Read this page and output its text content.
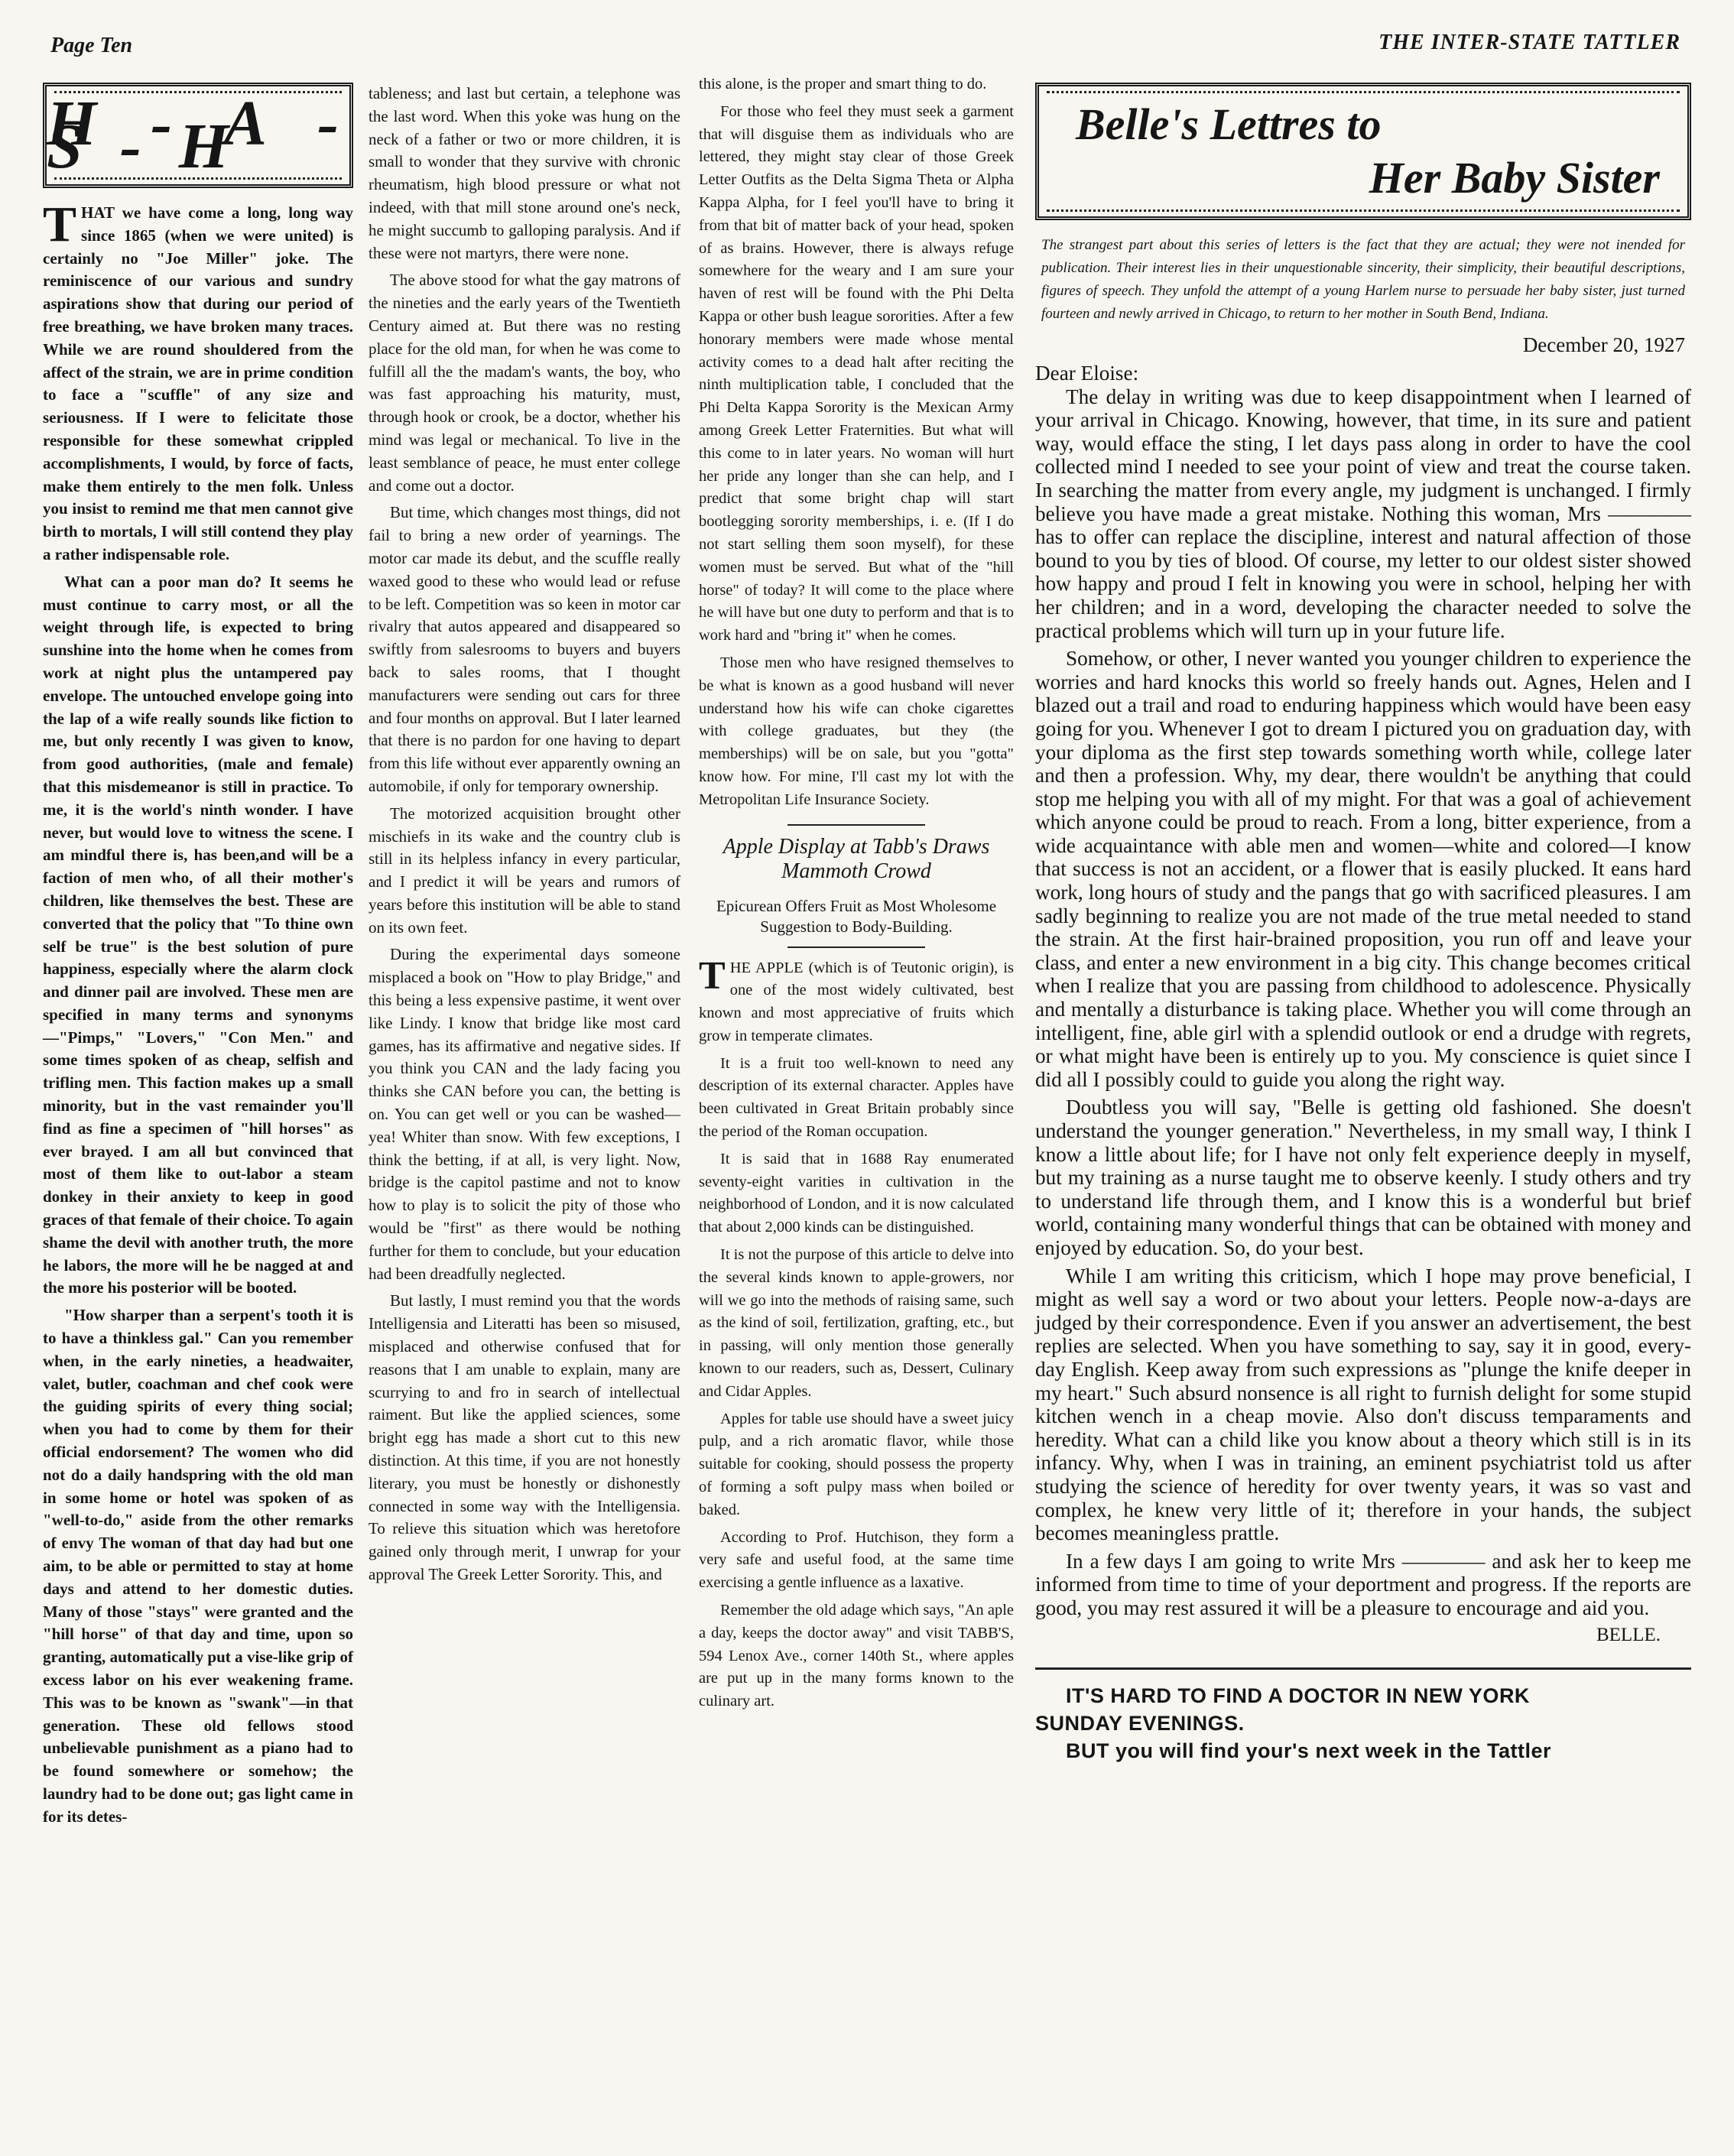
Page Ten	THE INTER-STATE TATTLER
H - A - S - H

THAT we have come a long, long way since 1865 (when we were united) is certainly no "Joe Miller" joke. The reminiscence of our various and sundry aspirations show that during our period of free breathing, we have broken many traces. While we are round shouldered from the affect of the strain, we are in prime condition to face a "scuffle" of any size and seriousness. If I were to felicitate those responsible for these somewhat crippled accomplishments, I would, by force of facts, make them entirely to the men folk. Unless you insist to remind me that men cannot give birth to mortals, I will still contend they play a rather indispensable role.

What can a poor man do? It seems he must continue to carry most, or all the weight through life, is expected to bring sunshine into the home when he comes from work at night plus the untampered pay envelope. The untouched envelope going into the lap of a wife really sounds like fiction to me, but only recently I was given to know, from good authorities, (male and female) that this misdemeanor is still in practice. To me, it is the world's ninth wonder. I have never, but would love to witness the scene. I am mindful there is, has been,and will be a faction of men who, of all their mother's children, like themselves the best. These are converted that the policy that "To thine own self be true" is the best solution of pure happiness, especially where the alarm clock and dinner pail are involved. These men are specified in many terms and synonyms—"Pimps," "Lovers," "Con Men." and some times spoken of as cheap, selfish and trifling men. This faction makes up a small minority, but in the vast remainder you'll find as fine a specimen of "hill horses" as ever brayed. I am all but convinced that most of them like to out-labor a steam donkey in their anxiety to keep in good graces of that female of their choice. To again shame the devil with another truth, the more he labors, the more will he be nagged at and the more his posterior will be booted.

"How sharper than a serpent's tooth it is to have a thinkless gal." Can you remember when, in the early nineties, a headwaiter, valet, butler, coachman and chef cook were the guiding spirits of every thing social; when you had to come by them for their official endorsement? The women who did not do a daily handspring with the old man in some home or hotel was spoken of as "well-to-do," aside from the other remarks of envy The woman of that day had but one aim, to be able or permitted to stay at home days and attend to her domestic duties. Many of those "stays" were granted and the "hill horse" of that day and time, upon so granting, automatically put a vise-like grip of excess labor on his ever weakening frame. This was to be known as "swank"—in that generation. These old fellows stood unbelievable punishment as a piano had to be found somewhere or somehow; the laundry had to be done out; gas light came in for its detes-

tableness; and last but certain, a telephone was the last word. When this yoke was hung on the neck of a father or two or more children, it is small to wonder that they survive with chronic rheumatism, high blood pressure or what not indeed, with that mill stone around one's neck, he might succumb to galloping paralysis. And if these were not martyrs, there were none.

The above stood for what the gay matrons of the nineties and the early years of the Twentieth Century aimed at. But there was no resting place for the old man, for when he was come to fulfill all the the madam's wants, the boy, who was fast approaching his maturity, must, through hook or crook, be a doctor, whether his mind was legal or mechanical. To live in the least semblance of peace, he must enter college and come out a doctor.

But time, which changes most things, did not fail to bring a new order of yearnings. The motor car made its debut, and the scuffle really waxed good to these who would lead or refuse to be left. Competition was so keen in motor car rivalry that autos appeared and disappeared so swiftly from salesrooms to buyers and buyers back to sales rooms, that I thought manufacturers were sending out cars for three and four months on approval. But I later learned that there is no pardon for one having to depart from this life without ever apparently owning an automobile, if only for temporary ownership.

The motorized acquisition brought other mischiefs in its wake and the country club is still in its helpless infancy in every particular, and I predict it will be years and rumors of years before this institution will be able to stand on its own feet.

During the experimental days someone misplaced a book on "How to play Bridge," and this being a less expensive pastime, it went over like Lindy. I know that bridge like most card games, has its affirmative and negative sides. If you think you CAN and the lady facing you thinks she CAN before you can, the betting is on. You can get well or you can be washed—yea! Whiter than snow. With few exceptions, I think the betting, if at all, is very light. Now, bridge is the capitol pastime and not to know how to play is to solicit the pity of those who would be "first" as there would be nothing further for them to conclude, but your education had been dreadfully neglected.

But lastly, I must remind you that the words Intelligensia and Literatti has been so misused, misplaced and otherwise confused that for reasons that I am unable to explain, many are scurrying to and fro in search of intellectual raiment. But like the applied sciences, some bright egg has made a short cut to this new distinction. At this time, if you are not honestly literary, you must be honestly or dishonestly connected in some way with the Intelligensia. To relieve this situation which was heretofore gained only through merit, I unwrap for your approval The Greek Letter Sorority. This, and

this alone, is the proper and smart thing to do.

For those who feel they must seek a garment that will disguise them as individuals who are lettered, they might stay clear of those Greek Letter Outfits as the Delta Sigma Theta or Alpha Kappa Alpha, for I feel you'll have to bring it from that bit of matter back of your head, spoken of as brains. However, there is always refuge somewhere for the weary and I am sure your haven of rest will be found with the Phi Delta Kappa or other bush league sororities. After a few honorary members were made whose mental activity comes to a dead halt after reciting the ninth multiplication table, I concluded that the Phi Delta Kappa Sorority is the Mexican Army among Greek Letter Fraternities. But what will this come to in later years. No woman will hurt her pride any longer than she can help, and I predict that some bright chap will start bootlegging sorority memberships, i. e. (If I do not start selling them soon myself), for these women must be served. But what of the "hill horse" of today? It will come to the place where he will have but one duty to perform and that is to work hard and "bring it" when he comes.

Those men who have resigned themselves to be what is known as a good husband will never understand how his wife can choke cigarettes with college graduates, but they (the memberships) will be on sale, but you "gotta" know how. For mine, I'll cast my lot with the Metropolitan Life Insurance Society.

Apple Display at Tabb's Draws Mammoth Crowd
Epicurean Offers Fruit as Most Wholesome Suggestion to Body-Building.

THE APPLE (which is of Teutonic origin), is one of the most widely cultivated, best known and most appreciative of fruits which grow in temperate climates.

It is a fruit too well-known to need any description of its external character. Apples have been cultivated in Great Britain probably since the period of the Roman occupation.

It is said that in 1688 Ray enumerated seventy-eight varities in cultivation in the neighborhood of London, and it is now calculated that about 2,000 kinds can be distinguished.

It is not the purpose of this article to delve into the several kinds known to apple-growers, nor will we go into the methods of raising same, such as the kind of soil, fertilization, grafting, etc., but in passing, will only mention those generally known to our readers, such as, Dessert, Culinary and Cidar Apples.

Apples for table use should have a sweet juicy pulp, and a rich aromatic flavor, while those suitable for cooking, should possess the property of forming a soft pulpy mass when boiled or baked.

According to Prof. Hutchison, they form a very safe and useful food, at the same time exercising a gentle influence as a laxative.

Remember the old adage which says, "An aple a day, keeps the doctor away" and visit TABB'S, 594 Lenox Ave., corner 140th St., where apples are put up in the many forms known to the culinary art.

Belle's Lettres to
Her Baby Sister
The strangest part about this series of letters is the fact that they are actual; they were not inended for publication. Their interest lies in their unquestionable sincerity, their simplicity, their beautiful descriptions, figures of speech. They unfold the attempt of a young Harlem nurse to persuade her baby sister, just turned fourteen and newly arrived in Chicago, to return to her mother in South Bend, Indiana.
December 20, 1927

Dear Eloise:

The delay in writing was due to keep disappointment when I learned of your arrival in Chicago. Knowing, however, that time, in its sure and patient way, would efface the sting, I let days pass along in order to have the cool collected mind I needed to see your point of view and treat the course taken. In searching the matter from every angle, my judgment is unchanged. I firmly believe you have made a great mistake. Nothing this woman, Mrs ———— has to offer can replace the discipline, interest and natural affection of those bound to you by ties of blood. Of course, my letter to our oldest sister showed how happy and proud I felt in knowing you were in school, helping her with her children; and in a word, developing the character needed to solve the practical problems which will turn up in your future life.

Somehow, or other, I never wanted you younger children to experience the worries and hard knocks this world so freely hands out. Agnes, Helen and I blazed out a trail and road to enduring happiness which would have been easy going for you. Whenever I got to dream I pictured you on graduation day, with your diploma as the first step towards something worth while, college later and then a profession. Why, my dear, there wouldn't be anything that could stop me helping you with all of my might. For that was a goal of achievement which anyone could be proud to reach. From a long, bitter experience, from a wide acquaintance with able men and women—white and colored—I know that success is not an accident, or a flower that is easily plucked. It eans hard work, long hours of study and the pangs that go with sacrificed pleasures. I am sadly beginning to realize you are not made of the true metal needed to stand the strain. At the first hair-brained proposition, you run off and leave your class, and enter a new environment in a big city. This change becomes critical when I realize that you are passing from childhood to adolescence. Physically and mentally a disturbance is taking place. Whether you will come through an intelligent, fine, able girl with a splendid outlook or end a drudge with regrets, or what might have been is entirely up to you. My conscience is quiet since I did all I possibly could to guide you along the right way.

Doubtless you will say, "Belle is getting old fashioned. She doesn't understand the younger generation." Nevertheless, in my small way, I think I know a little about life; for I have not only felt experience deeply in myself, but my training as a nurse taught me to observe keenly. I study others and try to understand life through them, and I know this is a wonderful but brief world, containing many wonderful things that can be obtained with money and enjoyed by education. So, do your best.

While I am writing this criticism, which I hope may prove beneficial, I might as well say a word or two about your letters. People now-a-days are judged by their correspondence. Even if you answer an advertisement, the best replies are selected. When you have something to say, say it in good, every-day English. Keep away from such expressions as "plunge the knife deeper in my heart." Such absurd nonsence is all right to furnish delight for some stupid kitchen wench in a cheap movie. Also don't discuss temparaments and heredity. What can a child like you know about a theory which still is in its infancy. Why, when I was in training, an eminent psychiatrist told us after studying the science of heredity for over twenty years, it was so vast and complex, he knew very little of it; therefore in your hands, the subject becomes meaningless prattle.

In a few days I am going to write Mrs ———— and ask her to keep me informed from time to time of your deportment and progress. If the reports are good, you may rest assured it will be a pleasure to encourage and aid you.

BELLE.
IT'S HARD TO FIND A DOCTOR IN NEW YORK
SUNDAY EVENINGS.
BUT you will find your's next week in the Tattler
